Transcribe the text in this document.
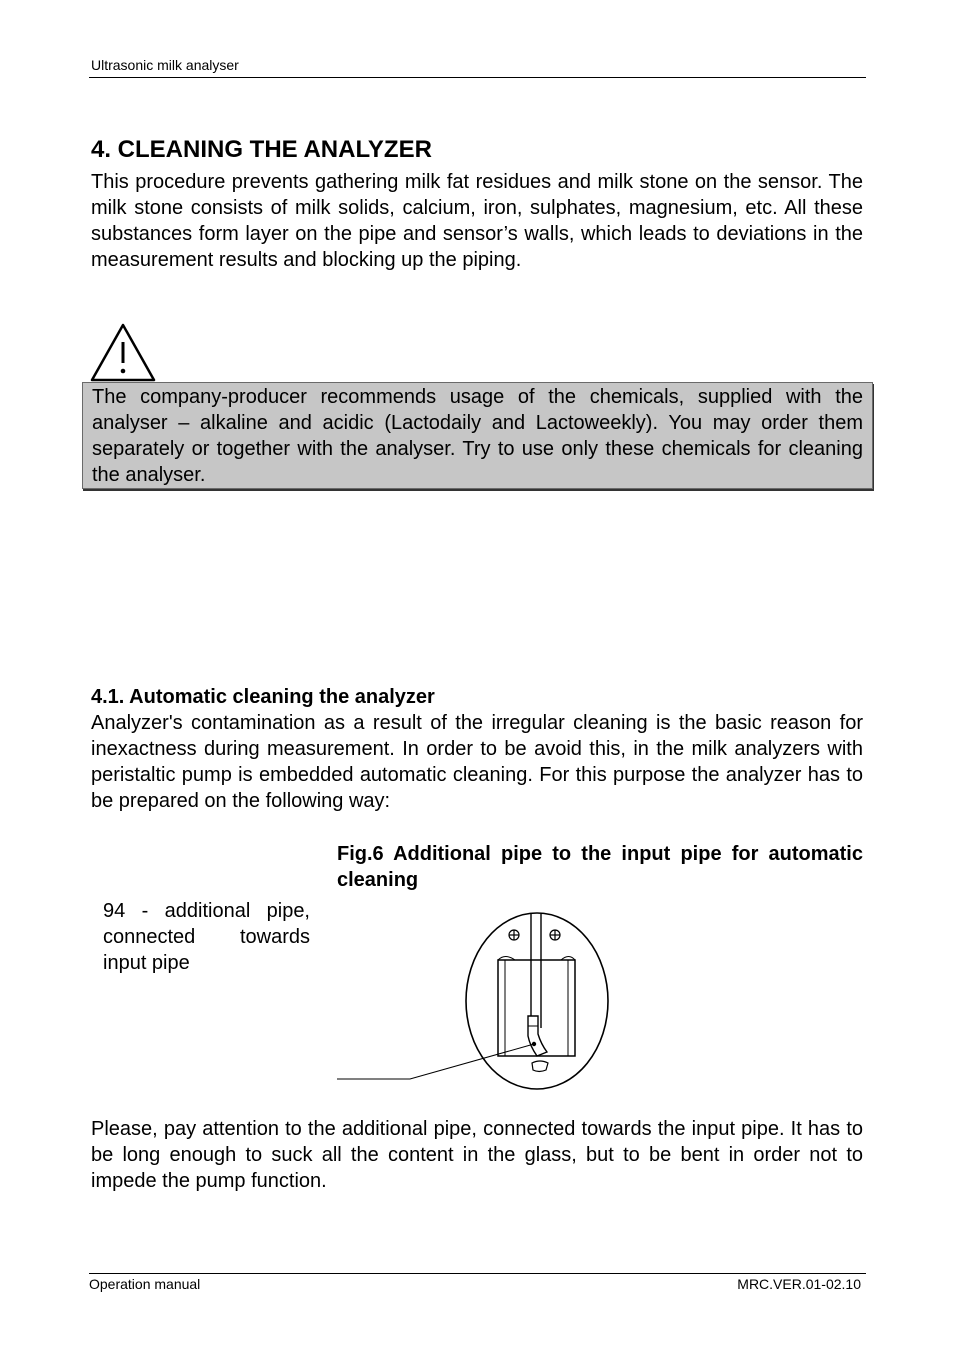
Ultrasonic milk analyser
4. CLEANING THE ANALYZER

This procedure prevents gathering milk fat residues and milk stone on the sensor. The milk stone consists of milk solids, calcium, iron, sulphates, magnesium, etc. All these substances form layer on the pipe and sensor’s walls, which leads to deviations in the measurement results and blocking up the piping.

The company-producer recommends usage of the chemicals, supplied with the analyser – alkaline and acidic (Lactodaily and Lactoweekly). You may order them separately or together with the analyser. Try to use only these chemicals for cleaning the analyser.
4.1. Automatic cleaning the analyzer

Analyzer's contamination as a result of the irregular cleaning is the basic reason for inexactness during measurement. In order to be avoid this, in the milk analyzers with peristaltic pump is embedded automatic cleaning. For this purpose the analyzer has to be prepared on the following way:

Fig.6 Additional pipe to the input pipe for automatic cleaning

94 - additional pipe, connected towards input pipe

Please, pay attention to the additional pipe, connected towards the input pipe. It has to be long enough to suck all the content in the glass, but to be bent in order not to impede the pump function.

Operation manual	MRC.VER.01-02.10
